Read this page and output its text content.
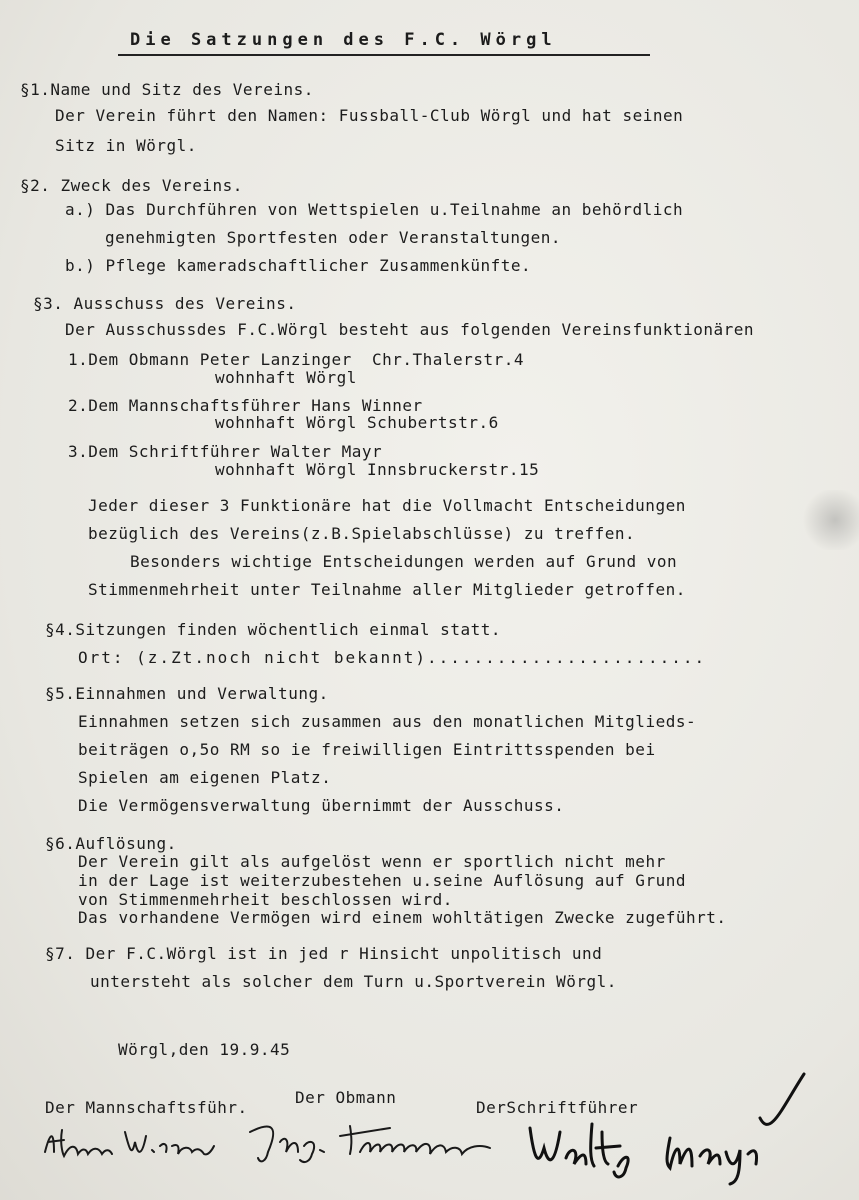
Die Satzungen des F.C. Wörgl
§1.Name und Sitz des Vereins.
Der Verein führt den Namen: Fussball-Club Wörgl und hat seinen
Sitz in Wörgl.
§2. Zweck des Vereins.
a.) Das Durchführen von Wettspielen u.Teilnahme an behördlich
genehmigten Sportfesten oder Veranstaltungen.
b.) Pflege kameradschaftlicher Zusammenkünfte.
§3. Ausschuss des Vereins.
Der Ausschussdes F.C.Wörgl besteht aus folgenden Vereinsfunktionären
1.Dem Obmann Peter Lanzinger  Chr.Thalerstr.4
wohnhaft Wörgl
2.Dem Mannschaftsführer Hans Winner
wohnhaft Wörgl Schubertstr.6
3.Dem Schriftführer Walter Mayr
wohnhaft Wörgl Innsbruckerstr.15
Jeder dieser 3 Funktionäre hat die Vollmacht Entscheidungen
bezüglich des Vereins(z.B.Spielabschlüsse) zu treffen.
Besonders wichtige Entscheidungen werden auf Grund von
Stimmenmehrheit unter Teilnahme aller Mitglieder getroffen.
§4.Sitzungen finden wöchentlich einmal statt.
Ort: (z.Zt.noch nicht bekannt)........................
§5.Einnahmen und Verwaltung.
Einnahmen setzen sich zusammen aus den monatlichen Mitglieds-
beiträgen o,5o RM so ie freiwilligen Eintrittsspenden bei
Spielen am eigenen Platz.
Die Vermögensverwaltung übernimmt der Ausschuss.
§6.Auflösung.
Der Verein gilt als aufgelöst wenn er sportlich nicht mehr
in der Lage ist weiterzubestehen u.seine Auflösung auf Grund
von Stimmenmehrheit beschlossen wird.
Das vorhandene Vermögen wird einem wohltätigen Zwecke zugeführt.
§7. Der F.C.Wörgl ist in jed r Hinsicht unpolitisch und
untersteht als solcher dem Turn u.Sportverein Wörgl.
Wörgl,den 19.9.45
Der Mannschaftsführ.
Der Obmann
DerSchriftführer
